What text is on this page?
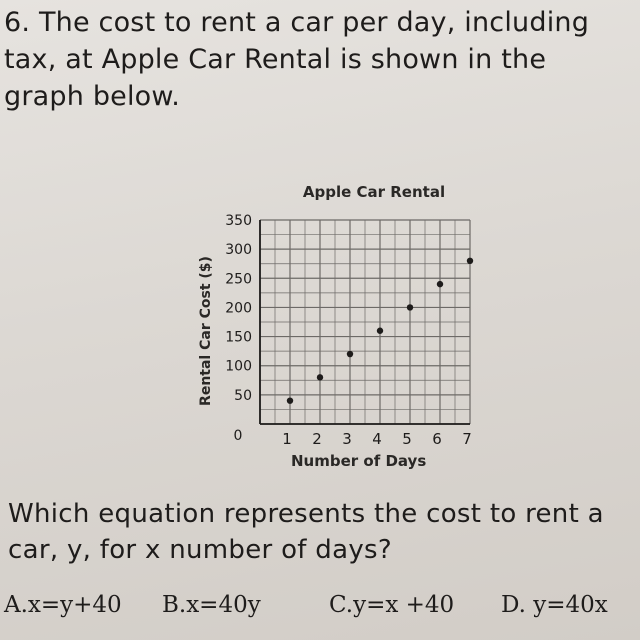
6. The cost to rent a car per day, including tax, at Apple Car Rental is shown in the graph below.
Apple Car Rental
Rental Car Cost ($)
Number of Days
1 2 3 4 5 6 7
50
100
150
200
250
300
350
0
Which equation represents the cost to rent a car, y, for x number of days?
A.x=y+40 B.x=40y	C.y=x +40 D. y=40x
